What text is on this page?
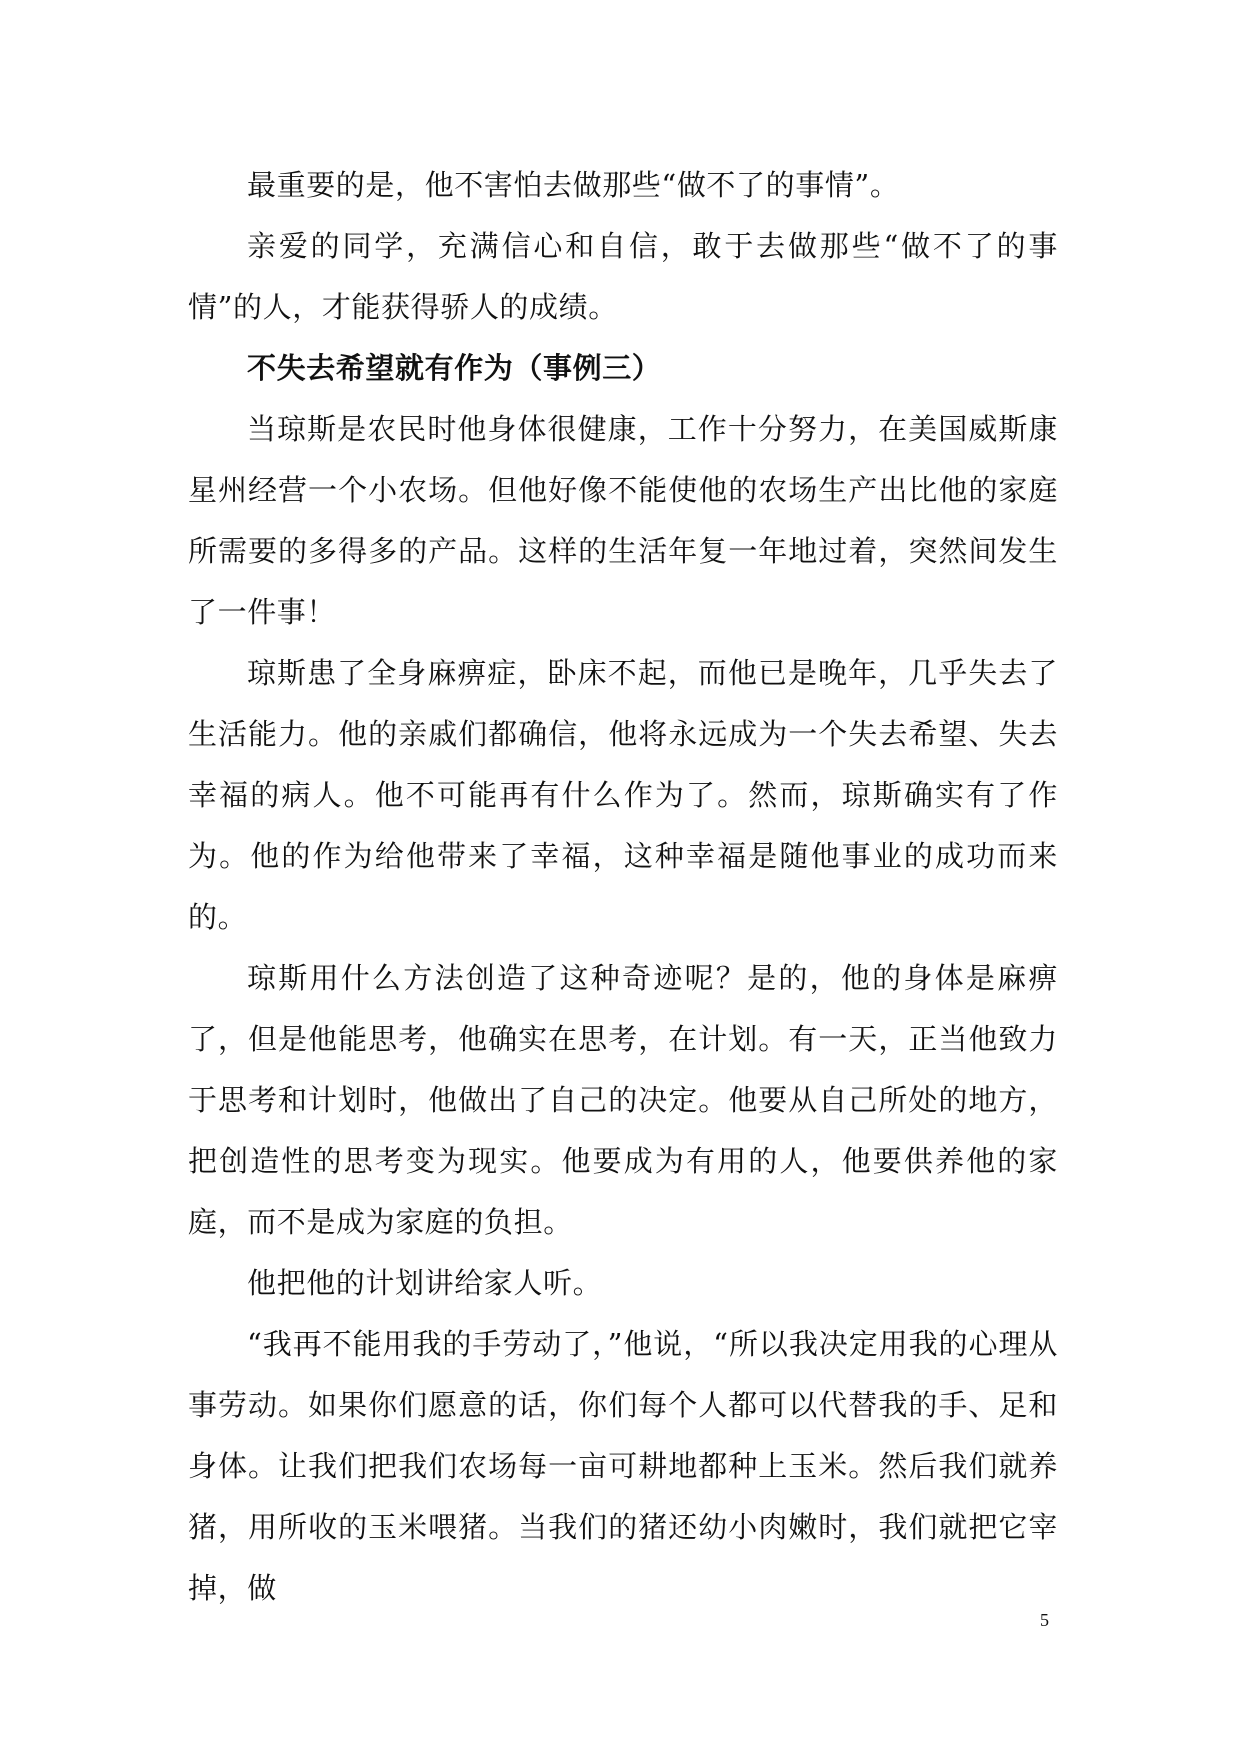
最重要的是，他不害怕去做那些“做不了的事情”。

亲爱的同学，充满信心和自信，敢于去做那些“做不了的事情”的人，才能获得骄人的成绩。

不失去希望就有作为（事例三）

当琼斯是农民时他身体很健康，工作十分努力，在美国威斯康星州经营一个小农场。但他好像不能使他的农场生产出比他的家庭所需要的多得多的产品。这样的生活年复一年地过着，突然间发生了一件事！

琼斯患了全身麻痹症，卧床不起，而他已是晚年，几乎失去了生活能力。他的亲戚们都确信，他将永远成为一个失去希望、失去幸福的病人。他不可能再有什么作为了。然而，琼斯确实有了作为。他的作为给他带来了幸福，这种幸福是随他事业的成功而来的。

琼斯用什么方法创造了这种奇迹呢？是的，他的身体是麻痹了，但是他能思考，他确实在思考，在计划。有一天，正当他致力于思考和计划时，他做出了自己的决定。他要从自己所处的地方，把创造性的思考变为现实。他要成为有用的人，他要供养他的家庭，而不是成为家庭的负担。

他把他的计划讲给家人听。

“我再不能用我的手劳动了，”他说，“所以我决定用我的心理从事劳动。如果你们愿意的话，你们每个人都可以代替我的手、足和身体。让我们把我们农场每一亩可耕地都种上玉米。然后我们就养猪，用所收的玉米喂猪。当我们的猪还幼小肉嫩时，我们就把它宰掉，做

5
